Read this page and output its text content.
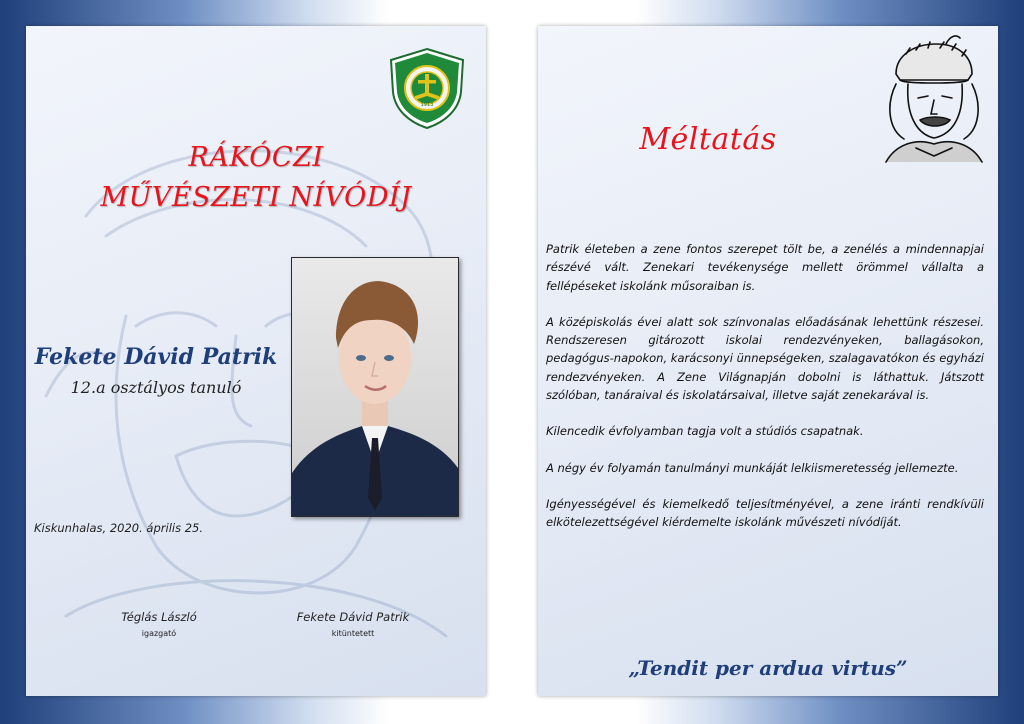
1913
RÁKÓCZI
MŰVÉSZETI NÍVÓDÍJ
Fekete Dávid Patrik
12.a osztályos tanuló
Kiskunhalas, 2020. április 25.
Téglás László
igazgató
Fekete Dávid Patrik
kitüntetett
Méltatás

Patrik életeben a zene fontos szerepet tölt be, a zenélés a mindennapjai részévé vált. Zenekari tevékenysége mellett örömmel vállalta a fellépéseket iskolánk műsoraiban is.

A középiskolás évei alatt sok színvonalas előadásának lehettünk részesei. Rendszeresen gitározott iskolai rendezvényeken, ballagásokon, pedagógus-napokon, karácsonyi ünnepségeken, szalagavatókon és egyházi rendezvényeken. A Zene Világnapján dobolni is láthattuk. Játszott szólóban, tanáraival és iskolatársaival, illetve saját zenekarával is.

Kilencedik évfolyamban tagja volt a stúdiós csapatnak.

A négy év folyamán tanulmányi munkáját lelkiismeretesség jellemezte.

Igényességével és kiemelkedő teljesítményével, a zene iránti rendkívüli elkötelezettségével kiérdemelte iskolánk művészeti nívódíját.

„Tendit per ardua virtus”
